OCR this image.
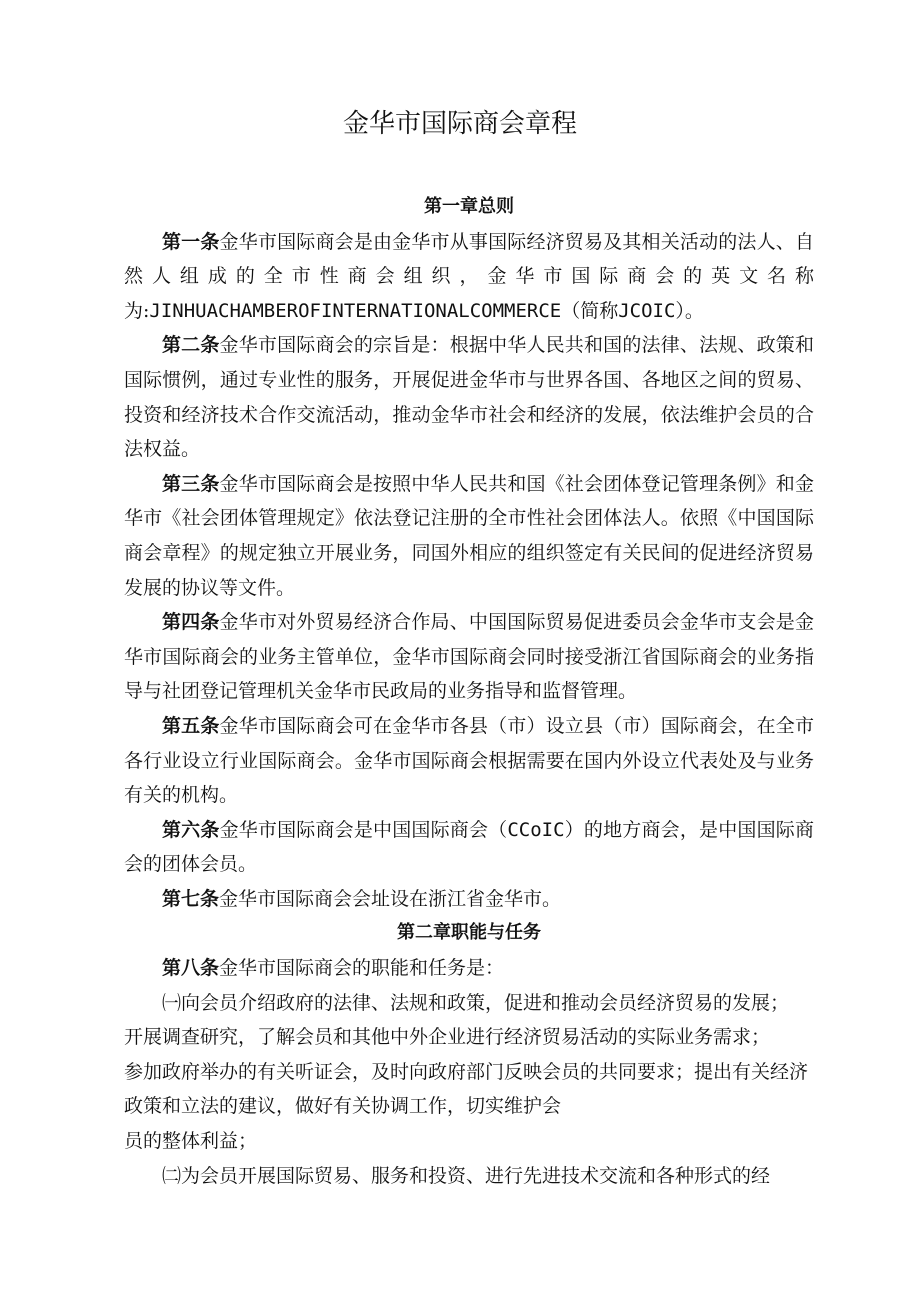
金华市国际商会章程
第一章总则

第一条金华市国际商会是由金华市从事国际经济贸易及其相关活动的法人、自然人组成的全市性商会组织，金华市国际商会的英文名称为:JINHUACHAMBEROFINTERNATIONALCOMMERCE（简称JCOIC）。

第二条金华市国际商会的宗旨是：根据中华人民共和国的法律、法规、政策和国际惯例，通过专业性的服务，开展促进金华市与世界各国、各地区之间的贸易、投资和经济技术合作交流活动，推动金华市社会和经济的发展，依法维护会员的合法权益。

第三条金华市国际商会是按照中华人民共和国《社会团体登记管理条例》和金华市《社会团体管理规定》依法登记注册的全市性社会团体法人。依照《中国国际商会章程》的规定独立开展业务，同国外相应的组织签定有关民间的促进经济贸易发展的协议等文件。

第四条金华市对外贸易经济合作局、中国国际贸易促进委员会金华市支会是金华市国际商会的业务主管单位，金华市国际商会同时接受浙江省国际商会的业务指导与社团登记管理机关金华市民政局的业务指导和监督管理。

第五条金华市国际商会可在金华市各县（市）设立县（市）国际商会，在全市各行业设立行业国际商会。金华市国际商会根据需要在国内外设立代表处及与业务有关的机构。

第六条金华市国际商会是中国国际商会（CCoIC）的地方商会，是中国国际商会的团体会员。

第七条金华市国际商会会址设在浙江省金华市。

第二章职能与任务

第八条金华市国际商会的职能和任务是：

㈠向会员介绍政府的法律、法规和政策，促进和推动会员经济贸易的发展；

开展调查研究，了解会员和其他中外企业进行经济贸易活动的实际业务需求；

参加政府举办的有关听证会，及时向政府部门反映会员的共同要求；提出有关经济政策和立法的建议，做好有关协调工作，切实维护会

员的整体利益；

㈡为会员开展国际贸易、服务和投资、进行先进技术交流和各种形式的经
